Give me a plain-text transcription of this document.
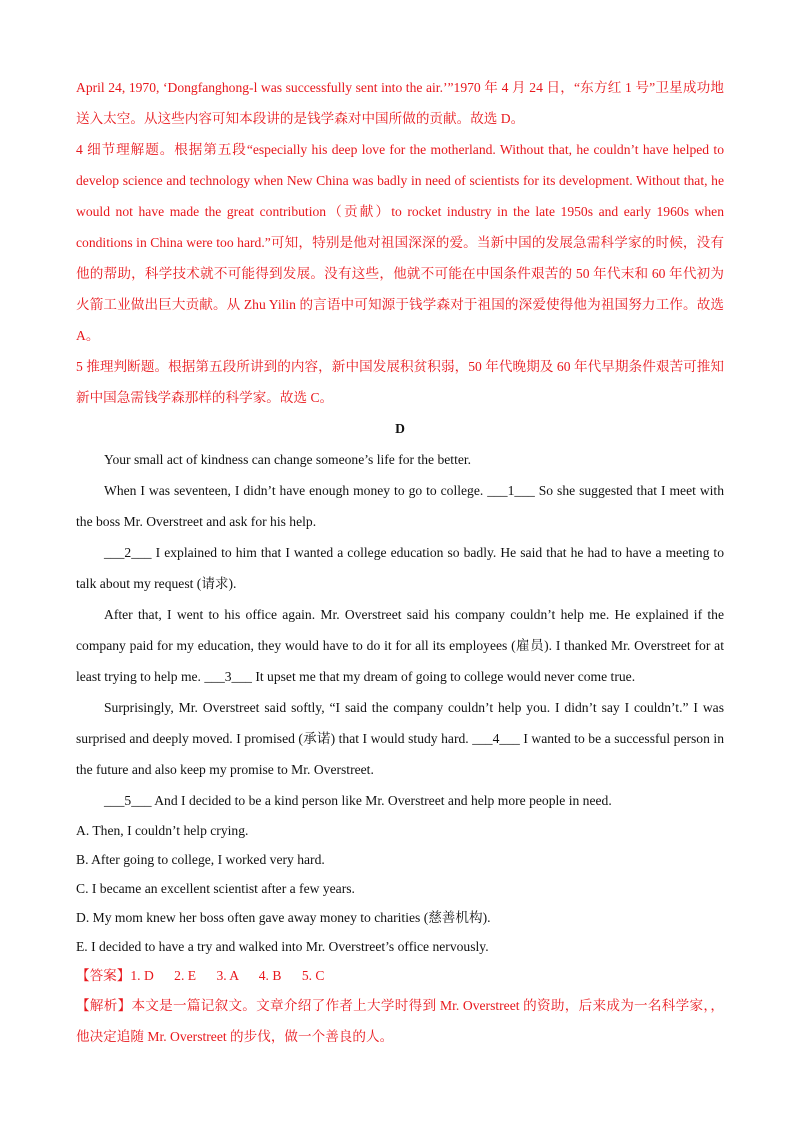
April 24, 1970, ‘Dongfanghong-l was successfully sent into the air.’”1970 年 4 月 24 日，“东方红 1 号”卫星成功地送入太空。从这些内容可知本段讲的是钱学森对中国所做的贡献。故选 D。

4 细节理解题。根据第五段“especially his deep love for the motherland. Without that, he couldn’t have helped to develop science and technology when New China was badly in need of scientists for its development. Without that, he would not have made the great contribution（贡献）to rocket industry in the late 1950s and early 1960s when conditions in China were too hard.”可知，特别是他对祖国深深的爱。当新中国的发展急需科学家的时候，没有他的帮助，科学技术就不可能得到发展。没有这些，他就不可能在中国条件艰苦的 50 年代末和 60 年代初为火箭工业做出巨大贡献。从 Zhu Yilin 的言语中可知源于钱学森对于祖国的深爱使得他为祖国努力工作。故选 A。

5 推理判断题。根据第五段所讲到的内容，新中国发展积贫积弱，50 年代晚期及 60 年代早期条件艰苦可推知新中国急需钱学森那样的科学家。故选 C。

D

Your small act of kindness can change someone’s life for the better.

When I was seventeen, I didn’t have enough money to go to college. ___1___ So she suggested that I meet with the boss Mr. Overstreet and ask for his help.

___2___ I explained to him that I wanted a college education so badly. He said that he had to have a meeting to talk about my request (请求).

After that, I went to his office again. Mr. Overstreet said his company couldn’t help me. He explained if the company paid for my education, they would have to do it for all its employees (雇员). I thanked Mr. Overstreet for at least trying to help me. ___3___ It upset me that my dream of going to college would never come true.

Surprisingly, Mr. Overstreet said softly, “I said the company couldn’t help you. I didn’t say I couldn’t.” I was surprised and deeply moved. I promised (承诺) that I would study hard. ___4___ I wanted to be a successful person in the future and also keep my promise to Mr. Overstreet.

___5___ And I decided to be a kind person like Mr. Overstreet and help more people in need.

A. Then, I couldn’t help crying.

B. After going to college, I worked very hard.

C. I became an excellent scientist after a few years.

D. My mom knew her boss often gave away money to charities (慈善机构).

E. I decided to have a try and walked into Mr. Overstreet’s office nervously.

【答案】1. D      2. E      3. A      4. B      5. C

【解析】本文是一篇记叙文。文章介绍了作者上大学时得到 Mr. Overstreet 的资助，后来成为一名科学家，，他决定追随 Mr. Overstreet 的步伐，做一个善良的人。
